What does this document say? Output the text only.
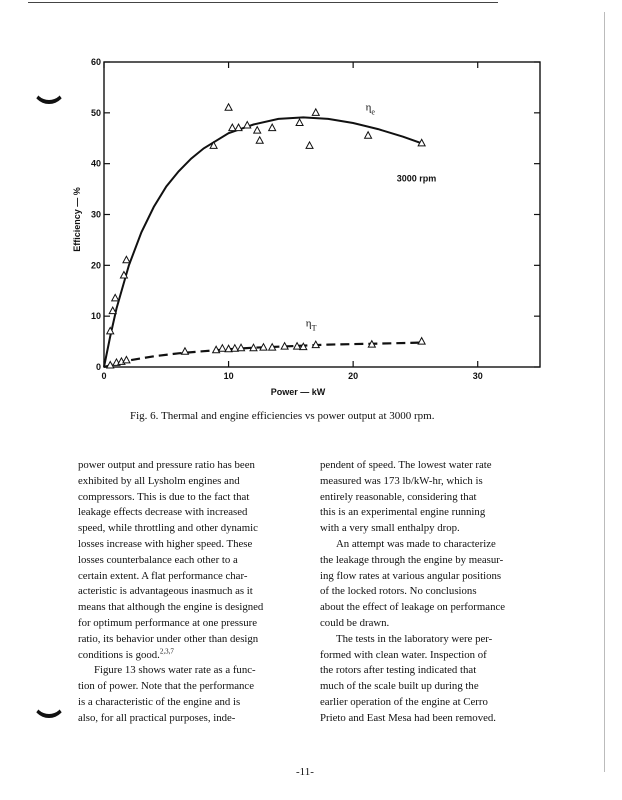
0
10
20
30
40
50
60
0	10	20	30
Power — kW
Efficiency — %
3000 rpm
$\eta_e$
$\eta_T$
Fig. 6. Thermal and engine efficiencies vs power output at 3000 rpm.

power output and pressure ratio has been
exhibited by all Lysholm engines and
compressors. This is due to the fact that
leakage effects decrease with increased
speed, while throttling and other dynamic
losses increase with higher speed. These
losses counterbalance each other to a
certain extent. A flat performance char-
acteristic is advantageous inasmuch as it
means that although the engine is designed
for optimum performance at one pressure
ratio, its behavior under other than design
conditions is good.$^{2,3,7}$

Figure 13 shows water rate as a func-
tion of power. Note that the performance
is a characteristic of the engine and is
also, for all practical purposes, inde-

pendent of speed. The lowest water rate
measured was 173 lb/kW-hr, which is
entirely reasonable, considering that
this is an experimental engine running
with a very small enthalpy drop.

An attempt was made to characterize
the leakage through the engine by measur-
ing flow rates at various angular positions
of the locked rotors. No conclusions
about the effect of leakage on performance
could be drawn.

The tests in the laboratory were per-
formed with clean water. Inspection of
the rotors after testing indicated that
much of the scale built up during the
earlier operation of the engine at Cerro
Prieto and East Mesa had been removed.

-11-
